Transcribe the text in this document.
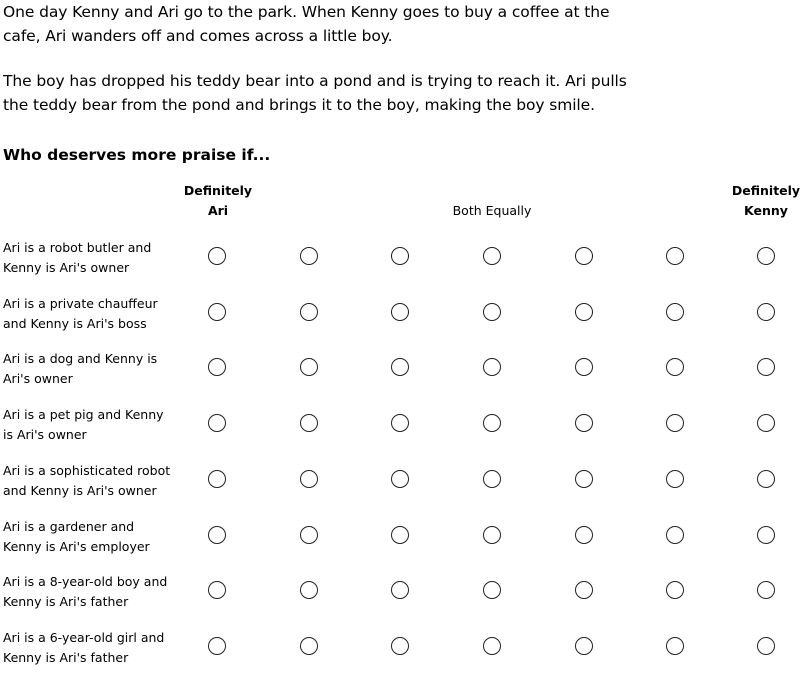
One day Kenny and Ari go to the park. When Kenny goes to buy a coffee at the cafe, Ari wanders off and comes across a little boy.

The boy has dropped his teddy bear into a pond and is trying to reach it. Ari pulls the teddy bear from the pond and brings it to the boy, making the boy smile.

Who deserves more praise if...

Definitely
Ari	Both Equally
Definitely
Kenny
Ari is a robot butler and
Kenny is Ari's owner
Ari is a private chauffeur
and Kenny is Ari's boss
Ari is a dog and Kenny is
Ari's owner
Ari is a pet pig and Kenny
is Ari's owner
Ari is a sophisticated robot
and Kenny is Ari's owner
Ari is a gardener and
Kenny is Ari's employer
Ari is a 8-year-old boy and
Kenny is Ari's father
Ari is a 6-year-old girl and
Kenny is Ari's father
